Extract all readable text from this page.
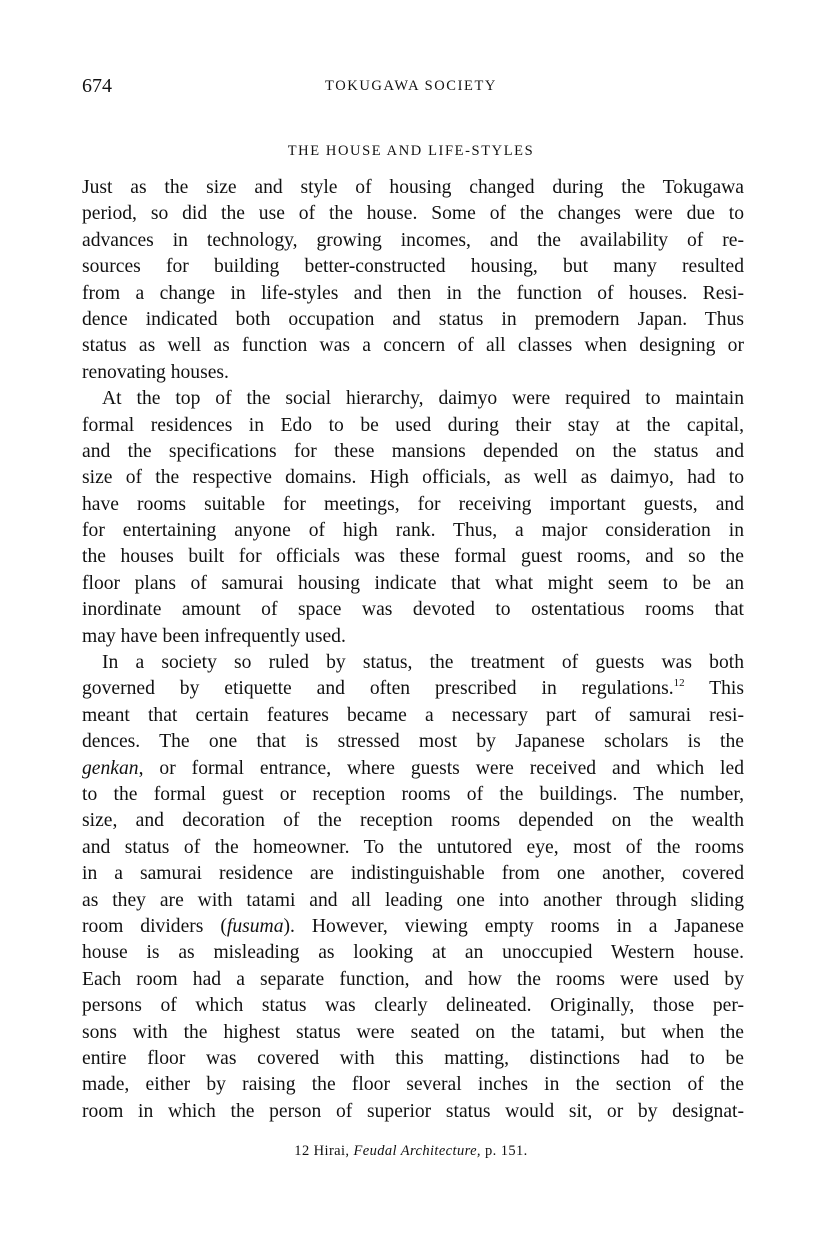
674	TOKUGAWA SOCIETY
THE HOUSE AND LIFE-STYLES
Just as the size and style of housing changed during the Tokugawa
period, so did the use of the house. Some of the changes were due to
advances in technology, growing incomes, and the availability of re-
sources for building better-constructed housing, but many resulted
from a change in life-styles and then in the function of houses. Resi-
dence indicated both occupation and status in premodern Japan. Thus
status as well as function was a concern of all classes when designing or
renovating houses.
At the top of the social hierarchy, daimyo were required to maintain
formal residences in Edo to be used during their stay at the capital,
and the specifications for these mansions depended on the status and
size of the respective domains. High officials, as well as daimyo, had to
have rooms suitable for meetings, for receiving important guests, and
for entertaining anyone of high rank. Thus, a major consideration in
the houses built for officials was these formal guest rooms, and so the
floor plans of samurai housing indicate that what might seem to be an
inordinate amount of space was devoted to ostentatious rooms that
may have been infrequently used.
In a society so ruled by status, the treatment of guests was both
governed by etiquette and often prescribed in regulations.$^{12}$ This
meant that certain features became a necessary part of samurai resi-
dences. The one that is stressed most by Japanese scholars is the
genkan, or formal entrance, where guests were received and which led
to the formal guest or reception rooms of the buildings. The number,
size, and decoration of the reception rooms depended on the wealth
and status of the homeowner. To the untutored eye, most of the rooms
in a samurai residence are indistinguishable from one another, covered
as they are with tatami and all leading one into another through sliding
room dividers (fusuma). However, viewing empty rooms in a Japanese
house is as misleading as looking at an unoccupied Western house.
Each room had a separate function, and how the rooms were used by
persons of which status was clearly delineated. Originally, those per-
sons with the highest status were seated on the tatami, but when the
entire floor was covered with this matting, distinctions had to be
made, either by raising the floor several inches in the section of the
room in which the person of superior status would sit, or by designat-
12 Hirai, Feudal Architecture, p. 151.
